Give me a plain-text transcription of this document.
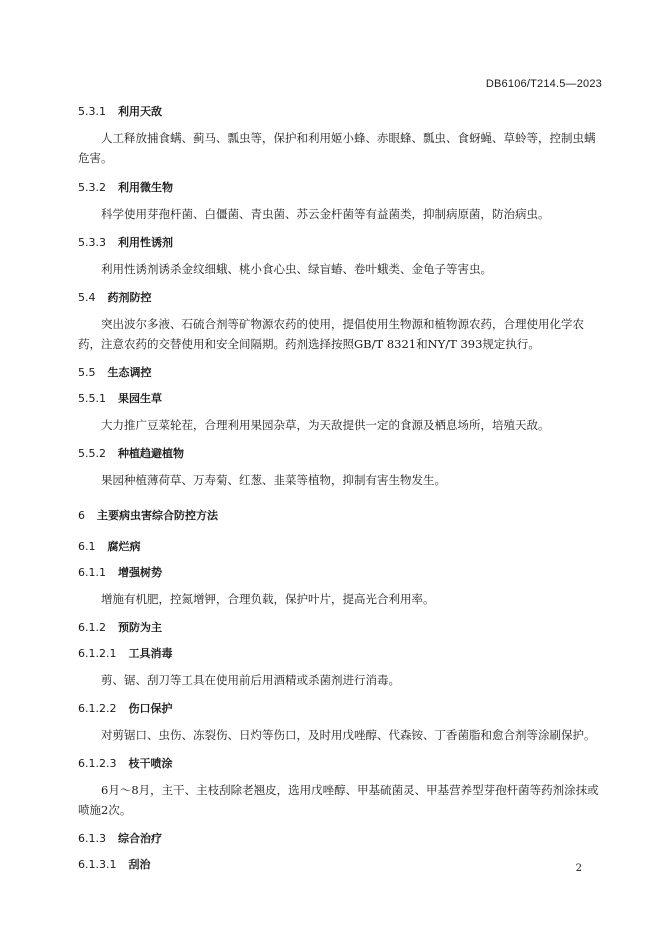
DB6106/T214.5—2023
5.3.1 利用天敌

人工释放捕食螨、蓟马、瓢虫等，保护和利用姬小蜂、赤眼蜂、瓢虫、食蚜蝇、草蛉等，控制虫螨危害。

5.3.2 利用微生物

科学使用芽孢杆菌、白僵菌、青虫菌、苏云金杆菌等有益菌类，抑制病原菌，防治病虫。

5.3.3 利用性诱剂

利用性诱剂诱杀金纹细蛾、桃小食心虫、绿盲蝽、卷叶蛾类、金龟子等害虫。

5.4 药剂防控

突出波尔多液、石硫合剂等矿物源农药的使用，提倡使用生物源和植物源农药，合理使用化学农药，注意农药的交替使用和安全间隔期。药剂选择按照GB/T 8321和NY/T 393规定执行。

5.5 生态调控
5.5.1 果园生草

大力推广豆菜轮茬，合理利用果园杂草，为天敌提供一定的食源及栖息场所，培殖天敌。

5.5.2 种植趋避植物

果园种植薄荷草、万寿菊、红葱、韭菜等植物，抑制有害生物发生。

6 主要病虫害综合防控方法
6.1 腐烂病
6.1.1 增强树势

增施有机肥，控氮增钾，合理负载，保护叶片，提高光合利用率。

6.1.2 预防为主
6.1.2.1 工具消毒

剪、锯、刮刀等工具在使用前后用酒精或杀菌剂进行消毒。

6.1.2.2 伤口保护

对剪锯口、虫伤、冻裂伤、日灼等伤口，及时用戊唑醇、代森铵、丁香菌脂和愈合剂等涂刷保护。

6.1.2.3 枝干喷涂

6月～8月，主干、主枝刮除老翘皮，选用戊唑醇、甲基硫菌灵、甲基营养型芽孢杆菌等药剂涂抹或喷施2次。

6.1.3 综合治疗
6.1.3.1 刮治	2
